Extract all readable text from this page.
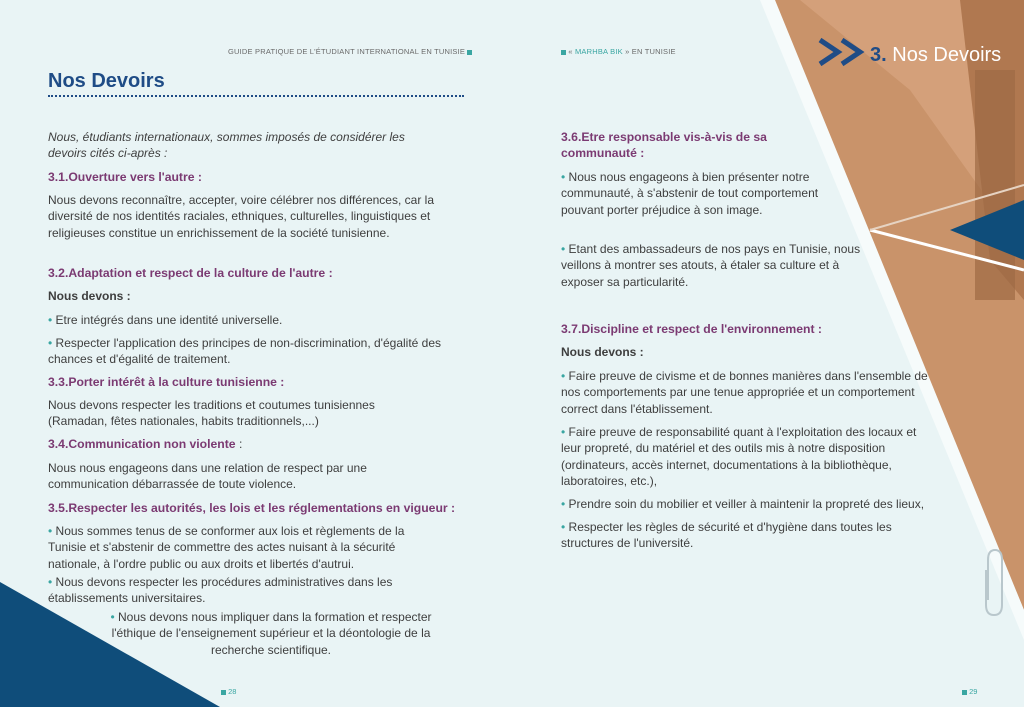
GUIDE PRATIQUE DE L'ÉTUDIANT INTERNATIONAL EN TUNISIE	« MARHBA BIK » EN TUNISIE	3. Nos Devoirs
Nos Devoirs
Nous, étudiants internationaux, sommes imposés de considérer les devoirs cités ci-après :
3.1.Ouverture vers l'autre :
Nous devons reconnaître, accepter, voire célébrer nos différences, car la diversité de nos identités raciales, ethniques, culturelles, linguistiques et religieuses constitue un enrichissement de la société tunisienne.
3.2.Adaptation et respect de la culture de l'autre :
Nous devons :
• Etre intégrés dans une identité universelle.
• Respecter l'application des principes de non-discrimination, d'égalité des chances et d'égalité de traitement.
3.3.Porter intérêt à la culture tunisienne :
Nous devons respecter les traditions et coutumes tunisiennes (Ramadan, fêtes nationales, habits traditionnels,...)
3.4.Communication non violente :
Nous nous engageons dans une relation de respect par une communication débarrassée de toute violence.
3.5.Respecter les autorités, les lois et les réglementations en vigueur :
• Nous sommes tenus de se conformer aux lois et règlements de la Tunisie et s'abstenir de commettre des actes nuisant à la sécurité nationale, à l'ordre public ou aux droits et libertés d'autrui.
• Nous devons respecter les procédures administratives dans les établissements universitaires.
• Nous devons nous impliquer dans la formation et respecter l'éthique de l'enseignement supérieur et la déontologie de la recherche scientifique.
3.6.Etre responsable vis-à-vis de sa communauté :
• Nous nous engageons à bien présenter notre communauté, à s'abstenir de tout comportement pouvant porter préjudice à son image.
• Etant des ambassadeurs de nos pays en Tunisie, nous veillons à montrer ses atouts, à étaler sa culture et à exposer sa particularité.
3.7.Discipline et respect de l'environnement :
Nous devons :
• Faire preuve de civisme et de bonnes manières dans l'ensemble de nos comportements par une tenue appropriée et un comportement correct dans l'établissement.
• Faire preuve de responsabilité quant à l'exploitation des locaux et leur propreté, du matériel et des outils mis à notre disposition (ordinateurs, accès internet, documentations à la bibliothèque, laboratoires, etc.),
• Prendre soin du mobilier et veiller à maintenir la propreté des lieux,
• Respecter les règles de sécurité et d'hygiène dans toutes les structures de l'université.
28	29
